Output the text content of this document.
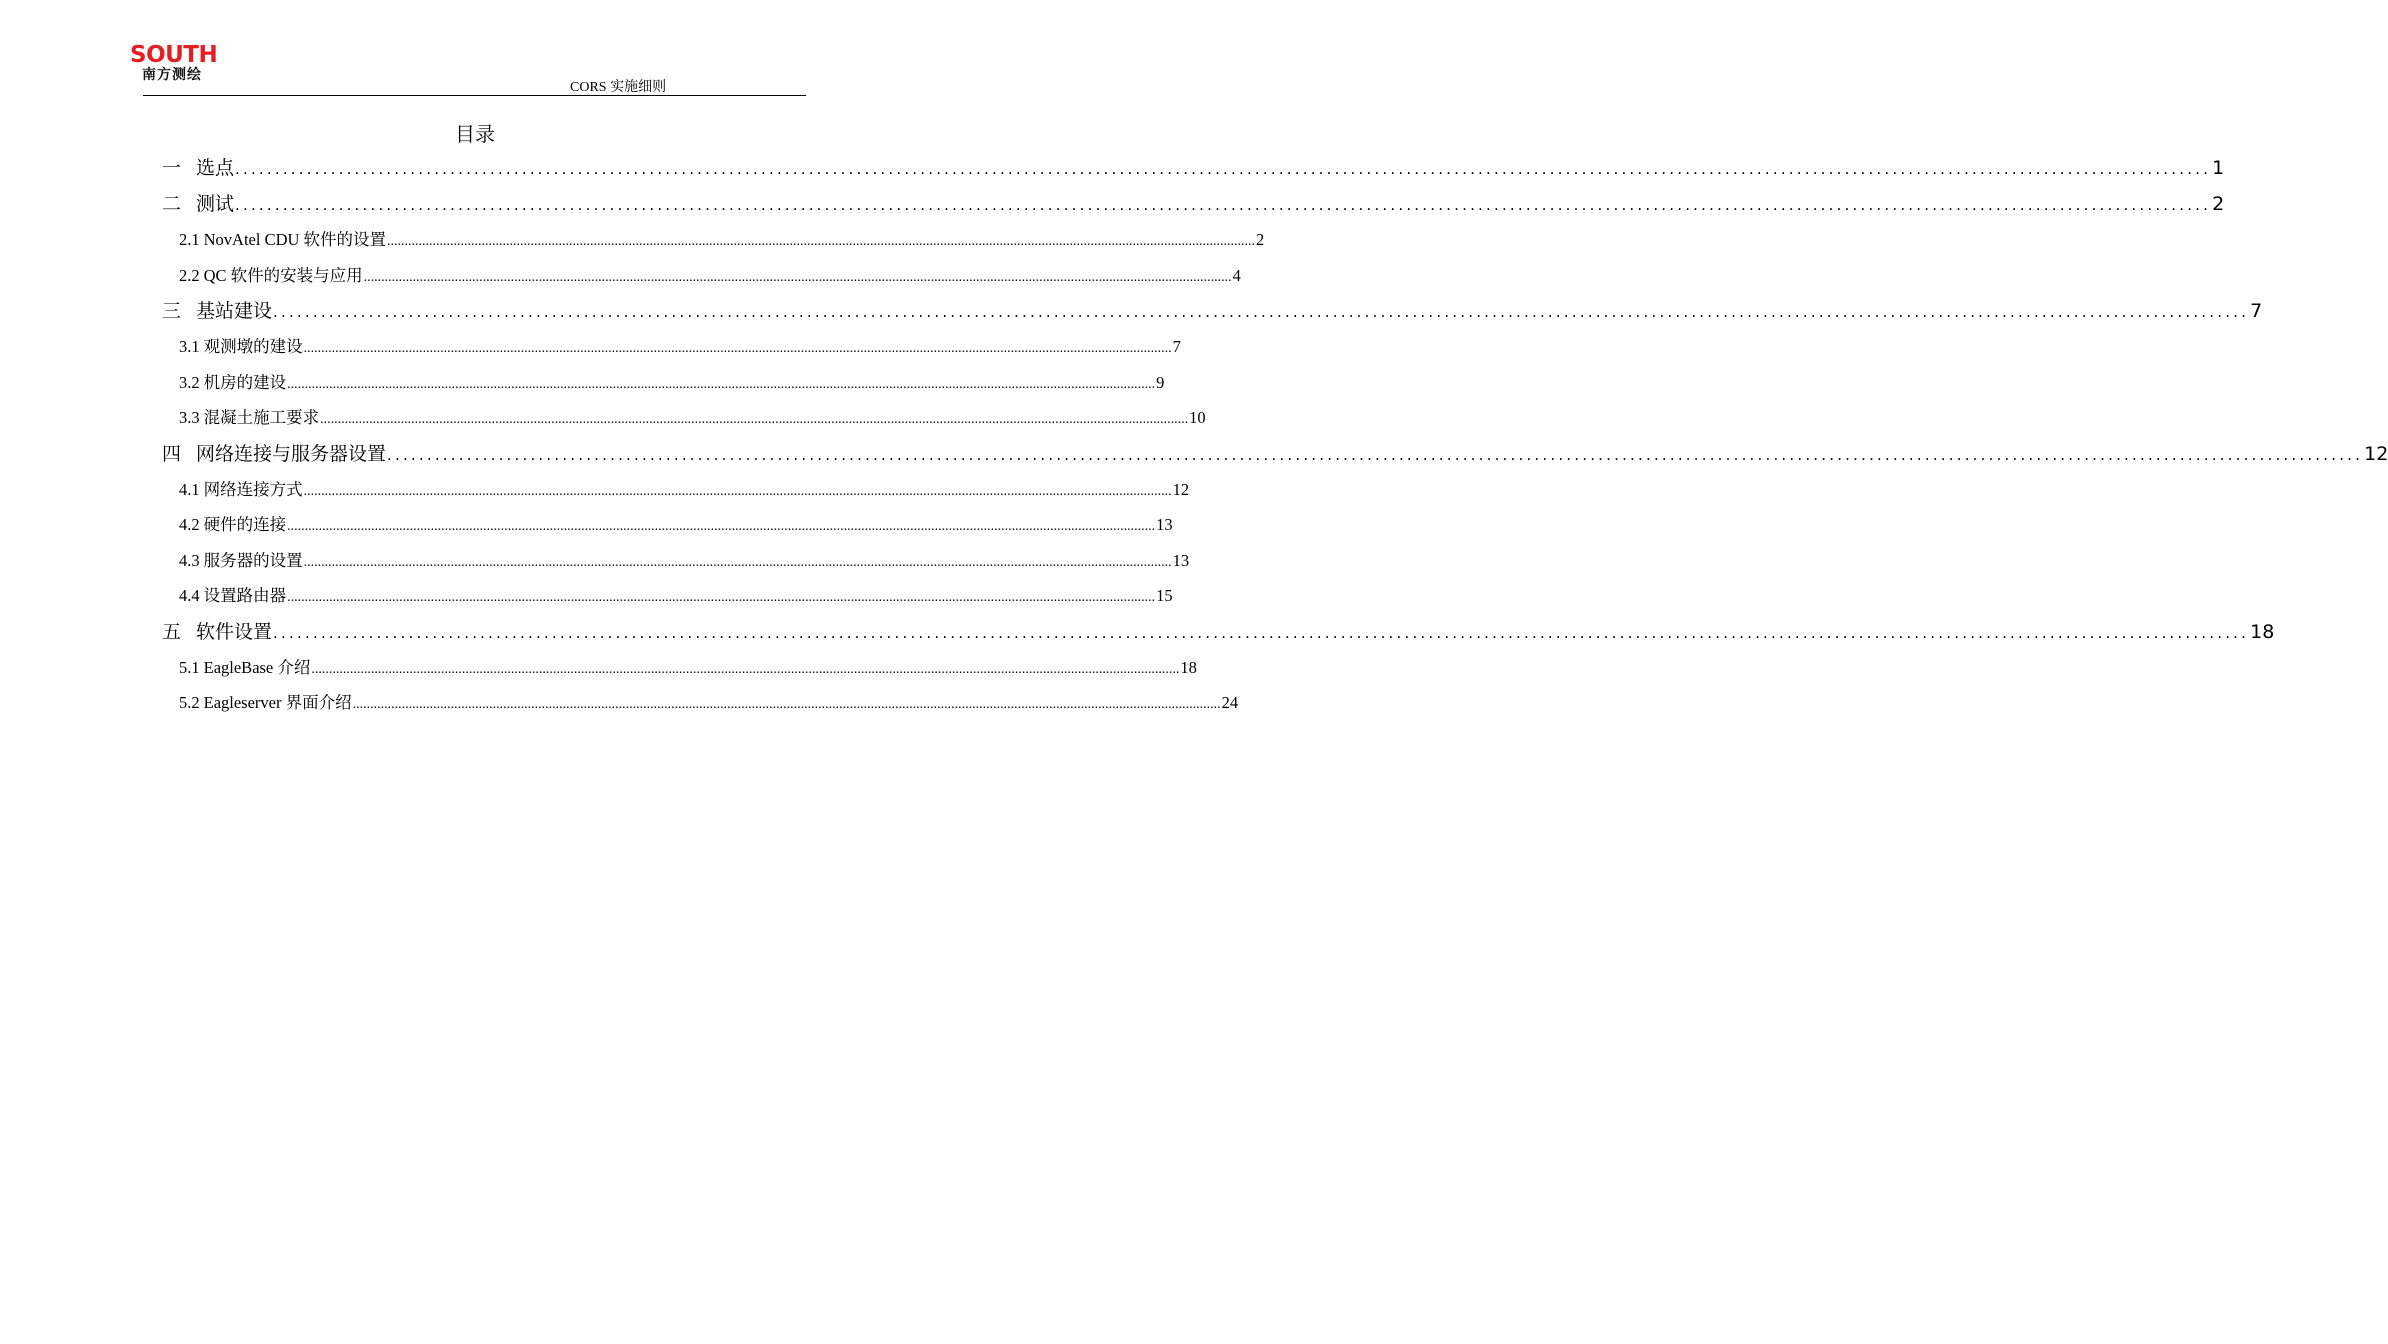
SOUTH
南方测绘
CORS 实施细则
目录
一 选点 ........................................................................................................................................................................................................................................................ 1
二 测试 ........................................................................................................................................................................................................................................................ 2
2.1 NovAtel CDU 软件的设置 ........................................................................................................................................................................................................................................................ 2
2.2 QC 软件的安装与应用 ........................................................................................................................................................................................................................................................ 4
三 基站建设 ........................................................................................................................................................................................................................................................ 7
3.1 观测墩的建设 ........................................................................................................................................................................................................................................................ 7
3.2 机房的建设 ........................................................................................................................................................................................................................................................ 9
3.3 混凝土施工要求 ........................................................................................................................................................................................................................................................ 10
四 网络连接与服务器设置 ........................................................................................................................................................................................................................................................ 12
4.1 网络连接方式 ........................................................................................................................................................................................................................................................ 12
4.2 硬件的连接 ........................................................................................................................................................................................................................................................ 13
4.3 服务器的设置 ........................................................................................................................................................................................................................................................ 13
4.4 设置路由器 ........................................................................................................................................................................................................................................................ 15
五 软件设置 ........................................................................................................................................................................................................................................................ 18
5.1 EagleBase 介绍 ........................................................................................................................................................................................................................................................ 18
5.2 Eagleserver 界面介绍 ........................................................................................................................................................................................................................................................ 24
